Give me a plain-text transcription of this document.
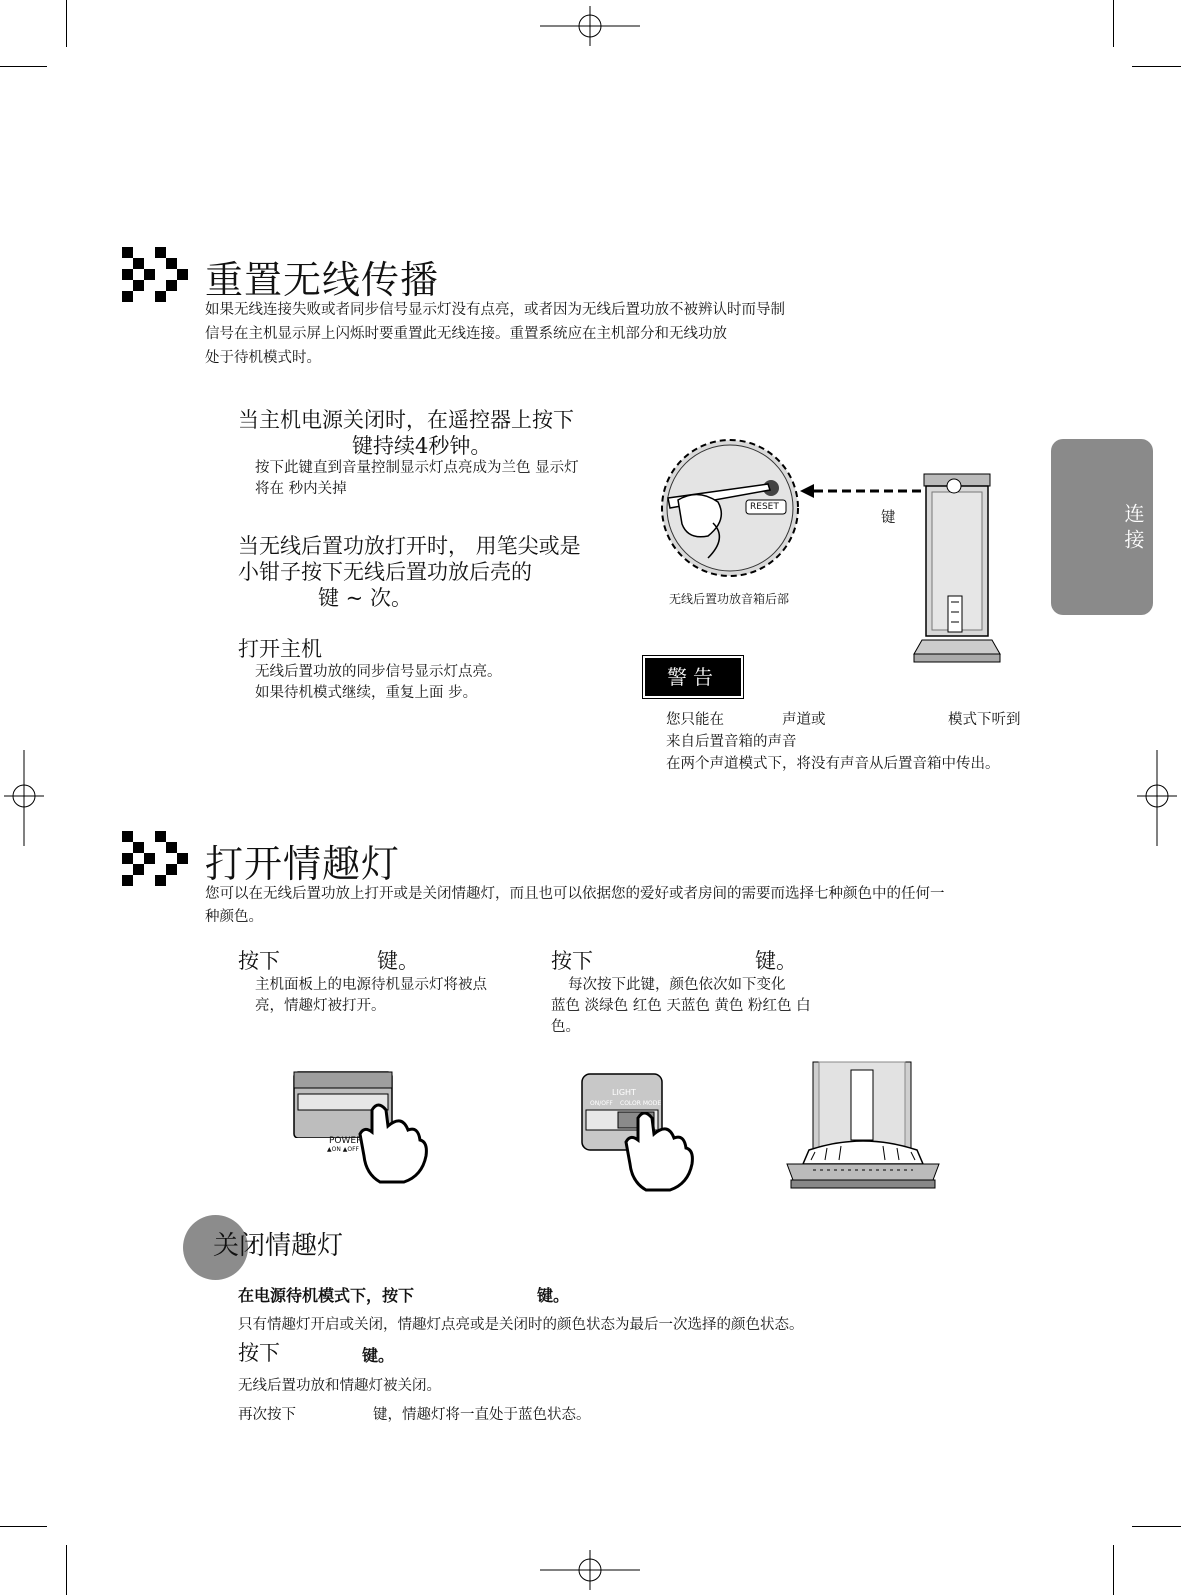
重置无线传播
如果无线连接失败或者同步信号显示灯没有点亮，或者因为无线后置功放不被辨认时而导制
信号在主机显示屏上闪烁时要重置此无线连接。重置系统应在主机部分和无线功放
处于待机模式时。
当主机电源关闭时，在遥控器上按下
键持续4秒钟。
按下此键直到音量控制显示灯点亮成为兰色 显示灯
将在 秒内关掉
当无线后置功放打开时， 用笔尖或是
小钳子按下无线后置功放后壳的
键 ~ 次。
打开主机
无线后置功放的同步信号显示灯点亮。
如果待机模式继续，重复上面 步。
RESET
键
无线后置功放音箱后部
警告
您只能在	声道或	模式下听到
来自后置音箱的声音
在两个声道模式下，将没有声音从后置音箱中传出。
连接
打开情趣灯
您可以在无线后置功放上打开或是关闭情趣灯，而且也可以依据您的爱好或者房间的需要而选择七种颜色中的任何一
种颜色。
按下	键。
主机面板上的电源待机显示灯将被点
亮，情趣灯被打开。
按下	键。
每次按下此键，颜色依次如下变化
蓝色 淡绿色 红色 天蓝色 黄色 粉红色 白
色。
POWER
▲ON ▲OFF
LIGHT
ON/OFF COLOR MODE
关闭情趣灯
在电源待机模式下，按下	键。
只有情趣灯开启或关闭，情趣灯点亮或是关闭时的颜色状态为最后一次选择的颜色状态。
按下	键。
无线后置功放和情趣灯被关闭。
再次按下	键，情趣灯将一直处于蓝色状态。
